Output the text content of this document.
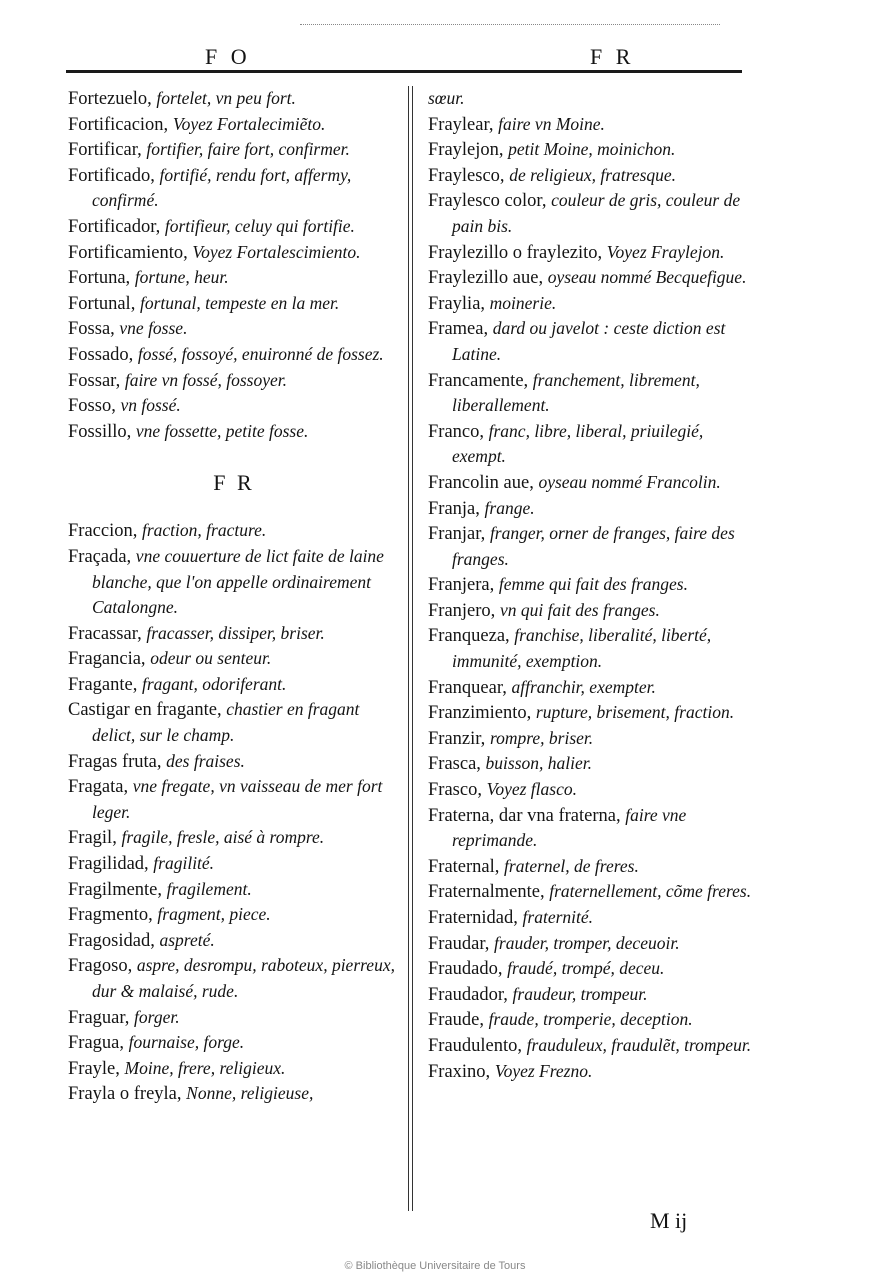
F O	F R

Fortezuelo, fortelet, vn peu fort.

Fortificacion, Voyez Fortalecimiẽto.

Fortificar, fortifier, faire fort, confirmer.

Fortificado, fortifié, rendu fort, affermy, confirmé.

Fortificador, fortifieur, celuy qui fortifie.

Fortificamiento, Voyez Fortalescimiento.

Fortuna, fortune, heur.

Fortunal, fortunal, tempeste en la mer.

Fossa, vne fosse.

Fossado, fossé, fossoyé, enuironné de fossez.

Fossar, faire vn fossé, fossoyer.

Fosso, vn fossé.

Fossillo, vne fossette, petite fosse.

F R

Fraccion, fraction, fracture.

Fraçada, vne couuerture de lict faite de laine blanche, que l'on appelle ordinairement Catalongne.

Fracassar, fracasser, dissiper, briser.

Fragancia, odeur ou senteur.

Fragante, fragant, odoriferant.

Castigar en fragante, chastier en fragant delict, sur le champ.

Fragas fruta, des fraises.

Fragata, vne fregate, vn vaisseau de mer fort leger.

Fragil, fragile, fresle, aisé à rompre.

Fragilidad, fragilité.

Fragilmente, fragilement.

Fragmento, fragment, piece.

Fragosidad, aspreté.

Fragoso, aspre, desrompu, raboteux, pierreux, dur & malaisé, rude.

Fraguar, forger.

Fragua, fournaise, forge.

Frayle, Moine, frere, religieux.

Frayla o freyla, Nonne, religieuse,

sœur.

Fraylear, faire vn Moine.

Fraylejon, petit Moine, moinichon.

Fraylesco, de religieux, fratresque.

Fraylesco color, couleur de gris, couleur de pain bis.

Fraylezillo o fraylezito, Voyez Fraylejon.

Fraylezillo aue, oyseau nommé Becquefigue.

Fraylia, moinerie.

Framea, dard ou javelot : ceste diction est Latine.

Francamente, franchement, librement, liberallement.

Franco, franc, libre, liberal, priuilegié, exempt.

Francolin aue, oyseau nommé Francolin.

Franja, frange.

Franjar, franger, orner de franges, faire des franges.

Franjera, femme qui fait des franges.

Franjero, vn qui fait des franges.

Franqueza, franchise, liberalité, liberté, immunité, exemption.

Franquear, affranchir, exempter.

Franzimiento, rupture, brisement, fraction.

Franzir, rompre, briser.

Frasca, buisson, halier.

Frasco, Voyez flasco.

Fraterna, dar vna fraterna, faire vne reprimande.

Fraternal, fraternel, de freres.

Fraternalmente, fraternellement, cõme freres.

Fraternidad, fraternité.

Fraudar, frauder, tromper, deceuoir.

Fraudado, fraudé, trompé, deceu.

Fraudador, fraudeur, trompeur.

Fraude, fraude, tromperie, deception.

Fraudulento, frauduleux, fraudulẽt, trompeur.

Fraxino, Voyez Frezno.

M ij
© Bibliothèque Universitaire de Tours
